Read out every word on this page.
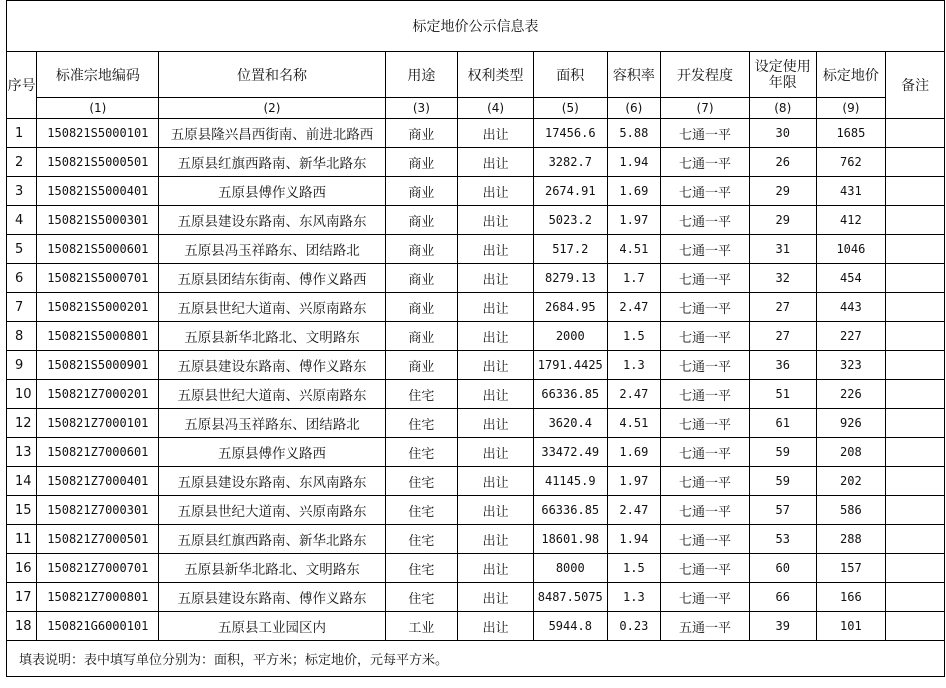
标定地价公示信息表										
序号	标准宗地编码	位置和名称	用途	权利类型	面积	容积率	开发程度	设定使用年限	标定地价	备注
	(1)	(2)	(3)	(4)	(5)	(6)	(7)	(8)	(9)	
1	150821S5000101	五原县隆兴昌西街南、前进北路西	商业	出让	17456.6	5.88	七通一平	30	1685	
2	150821S5000501	五原县红旗西路南、新华北路东	商业	出让	3282.7	1.94	七通一平	26	762	
3	150821S5000401	五原县傅作义路西	商业	出让	2674.91	1.69	七通一平	29	431	
4	150821S5000301	五原县建设东路南、东风南路东	商业	出让	5023.2	1.97	七通一平	29	412	
5	150821S5000601	五原县冯玉祥路东、团结路北	商业	出让	517.2	4.51	七通一平	31	1046	
6	150821S5000701	五原县团结东街南、傅作义路西	商业	出让	8279.13	1.7	七通一平	32	454	
7	150821S5000201	五原县世纪大道南、兴原南路东	商业	出让	2684.95	2.47	七通一平	27	443	
8	150821S5000801	五原县新华北路北、文明路东	商业	出让	2000	1.5	七通一平	27	227	
9	150821S5000901	五原县建设东路南、傅作义路东	商业	出让	1791.4425	1.3	七通一平	36	323	
10	150821Z7000201	五原县世纪大道南、兴原南路东	住宅	出让	66336.85	2.47	七通一平	51	226	
12	150821Z7000101	五原县冯玉祥路东、团结路北	住宅	出让	3620.4	4.51	七通一平	61	926	
13	150821Z7000601	五原县傅作义路西	住宅	出让	33472.49	1.69	七通一平	59	208	
14	150821Z7000401	五原县建设东路南、东风南路东	住宅	出让	41145.9	1.97	七通一平	59	202	
15	150821Z7000301	五原县世纪大道南、兴原南路东	住宅	出让	66336.85	2.47	七通一平	57	586	
11	150821Z7000501	五原县红旗西路南、新华北路东	住宅	出让	18601.98	1.94	七通一平	53	288	
16	150821Z7000701	五原县新华北路北、文明路东	住宅	出让	8000	1.5	七通一平	60	157	
17	150821Z7000801	五原县建设东路南、傅作义路东	住宅	出让	8487.5075	1.3	七通一平	66	166	
18	150821G6000101	五原县工业园区内	工业	出让	5944.8	0.23	五通一平	39	101	
填表说明：表中填写单位分别为：面积，平方米；标定地价，元每平方米。										
